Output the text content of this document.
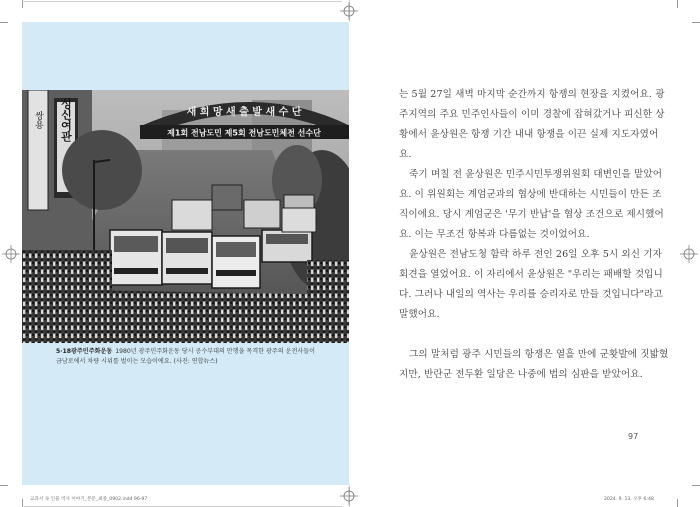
쌍용 성신여관	새 희 망 새 출 발 새 수 단
제1회 전남도민 제5회 전남도민체전 선수단
5·18광주민주화운동 1980년 광주민주화운동 당시 공수부대의 만행을 목격한 광주의 운전사들이 금남로에서 차량 시위를 벌이는 모습이에요. (사진: 연합뉴스)

는 5월 27일 새벽 마지막 순간까지 항쟁의 현장을 지켰어요. 광주지역의 주요 민주인사들이 이미 경찰에 잡혀갔거나 피신한 상황에서 윤상원은 항쟁 기간 내내 항쟁을 이끈 실제 지도자였어요.

죽기 며칠 전 윤상원은 민주시민투쟁위원회 대변인을 맡았어요. 이 위원회는 계엄군과의 협상에 반대하는 시민들이 만든 조직이에요. 당시 계엄군은 '무기 반납'을 협상 조건으로 제시했어요. 이는 무조건 항복과 다름없는 것이었어요.

윤상원은 전남도청 함락 하루 전인 26일 오후 5시 외신 기자회견을 열었어요. 이 자리에서 윤상원은 "우리는 패배할 것입니다. 그러나 내일의 역사는 우리를 승리자로 만들 것입니다"라고 말했어요.

그의 말처럼 광주 시민들의 항쟁은 열흘 만에 군홧발에 짓밟혔지만, 반란군 전두환 일당은 나중에 법의 심판을 받았어요.

97
교과서 속 인물 역사 이야기_본문_최종_0902.indd 96-97	2024. 9. 13. 오후 6:48
